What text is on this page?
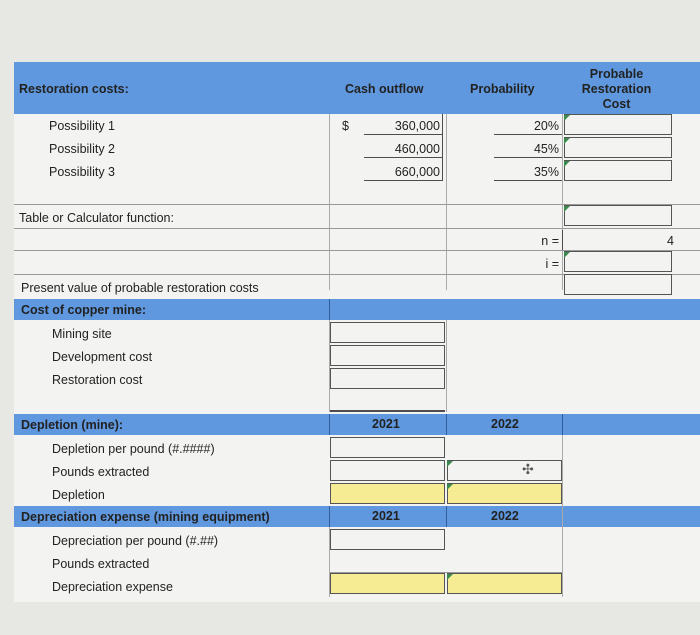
Restoration costs:	Cash outflow	Probability
Probable
Restoration
Cost
Possibility 1	$	360,000	20%
Possibility 2	460,000	45%
Possibility 3	660,000	35%
Table or Calculator function:
n =	4
i =
Present value of probable restoration costs
Cost of copper mine:
Mining site
Development cost
Restoration cost
Depletion (mine):	2021	2022
Depletion per pound (#.####)
Pounds extracted
Depletion
✣
Depreciation expense (mining equipment)	2021	2022
Depreciation per pound (#.##)
Pounds extracted
Depreciation expense
